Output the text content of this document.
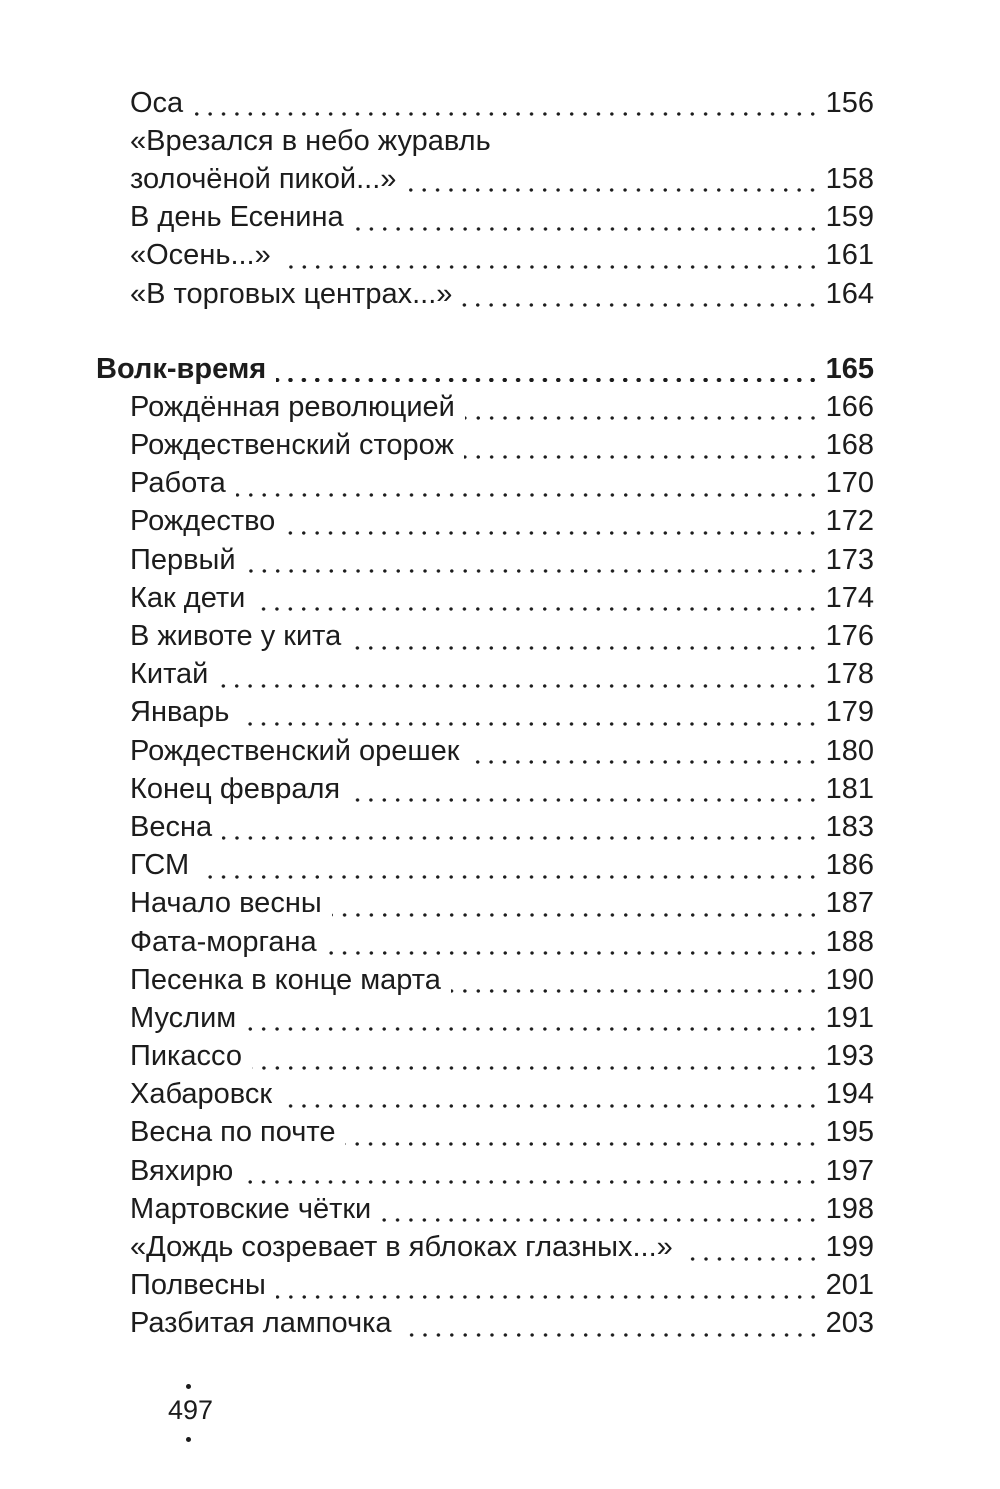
Оса	156
«Врезался в небо журавль
золочёной пикой...»	158
В день Есенина	159
«Осень...»	161
«В торговых центрах...»	164
Волк-время	165
Рождённая революцией	166
Рождественский сторож	168
Работа	170
Рождество	172
Первый	173
Как дети	174
В животе у кита	176
Китай	178
Январь	179
Рождественский орешек	180
Конец февраля	181
Весна	183
ГСМ	186
Начало весны	187
Фата-моргана	188
Песенка в конце марта	190
Муслим	191
Пикассо	193
Хабаровск	194
Весна по почте	195
Вяхирю	197
Мартовские чётки	198
«Дождь созревает в яблоках глазных...»	199
Полвесны	201
Разбитая лампочка	203
497
